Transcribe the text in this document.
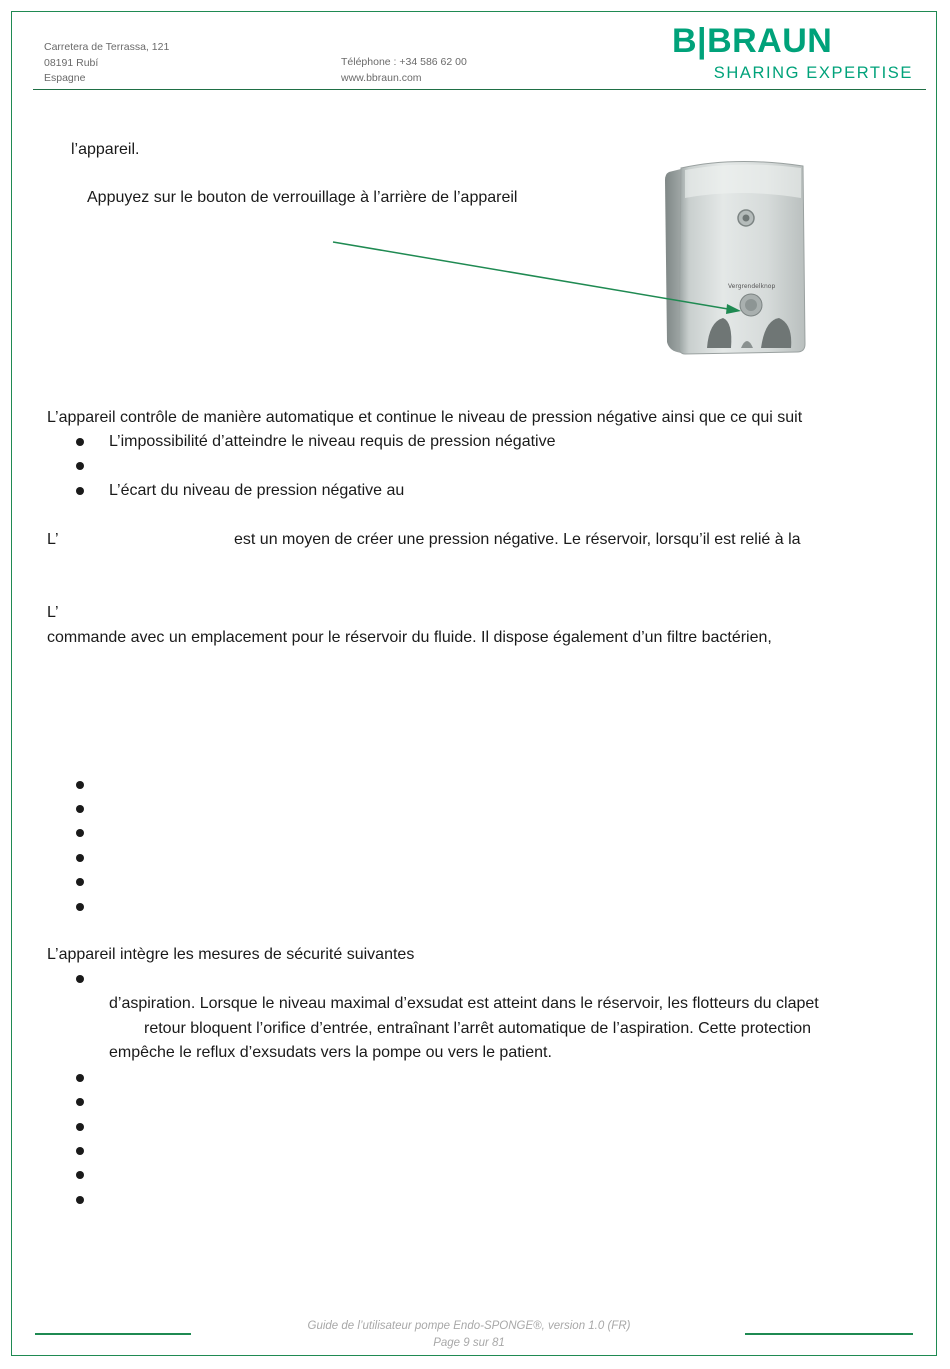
Carretera de Terrassa, 121
08191 Rubí
Espagne
Téléphone : +34 586 62 00
www.bbraun.com
B|BRAUN
SHARING EXPERTISE
l’appareil.
Appuyez sur le bouton de verrouillage à l’arrière de l’appareil
Vergrendelknop
L’appareil contrôle de manière automatique et continue le niveau de pression négative ainsi que ce qui suit
L’impossibilité d’atteindre le niveau requis de pression négative
L’écart du niveau de pression négative au
L’	est un moyen de créer une pression négative. Le réservoir, lorsqu’il est relié à la
L’
commande avec un emplacement pour le réservoir du fluide. Il dispose également d’un filtre bactérien,
L’appareil intègre les mesures de sécurité suivantes
d’aspiration. Lorsque le niveau maximal d’exsudat est atteint dans le réservoir, les flotteurs du clapet
retour bloquent l’orifice d’entrée, entraînant l’arrêt automatique de l’aspiration. Cette protection
empêche le reflux d’exsudats vers la pompe ou vers le patient.
Guide de l’utilisateur pompe Endo-SPONGE®, version 1.0 (FR)
Page 9 sur 81
